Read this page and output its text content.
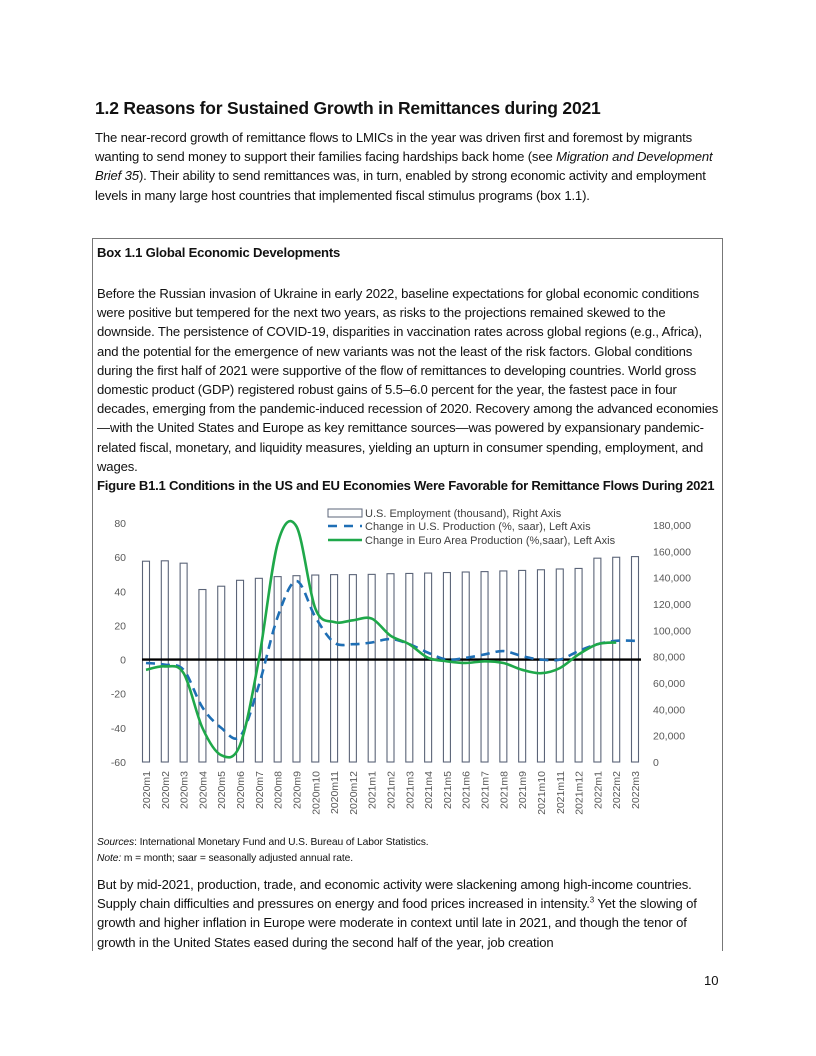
1.2 Reasons for Sustained Growth in Remittances during 2021
The near-record growth of remittance flows to LMICs in the year was driven first and foremost by migrants wanting to send money to support their families facing hardships back home (see Migration and Development Brief 35). Their ability to send remittances was, in turn, enabled by strong economic activity and employment levels in many large host countries that implemented fiscal stimulus programs (box 1.1).
Box 1.1 Global Economic Developments
Before the Russian invasion of Ukraine in early 2022, baseline expectations for global economic conditions were positive but tempered for the next two years, as risks to the projections remained skewed to the downside. The persistence of COVID-19, disparities in vaccination rates across global regions (e.g., Africa), and the potential for the emergence of new variants was not the least of the risk factors. Global conditions during the first half of 2021 were supportive of the flow of remittances to developing countries. World gross domestic product (GDP) registered robust gains of 5.5–6.0 percent for the year, the fastest pace in four decades, emerging from the pandemic-induced recession of 2020. Recovery among the advanced economies—with the United States and Europe as key remittance sources—was powered by expansionary pandemic-related fiscal, monetary, and liquidity measures, yielding an upturn in consumer spending, employment, and wages.
Figure B1.1 Conditions in the US and EU Economies Were Favorable for Remittance Flows During 2021
80
60
40
20
0
-20
-40
-60
180,000
160,000
140,000
120,000
100,000
80,000
60,000
40,000
20,000
0
2020m1 2020m2 2020m3 2020m4 2020m5 2020m6 2020m7 2020m8 2020m9 2020m10 2020m11 2020m12 2021m1 2021m2 2021m3 2021m4 2021m5 2021m6 2021m7 2021m8 2021m9 2021m10 2021m11 2021m12 2022m1 2022m2 2022m3
U.S. Employment (thousand), Right Axis
Change in U.S. Production (%, saar), Left Axis
Change in Euro Area Production (%,saar), Left Axis
Sources: International Monetary Fund and U.S. Bureau of Labor Statistics.
Note: m = month; saar = seasonally adjusted annual rate.
But by mid-2021, production, trade, and economic activity were slackening among high-income countries. Supply chain difficulties and pressures on energy and food prices increased in intensity.$^3$ Yet the slowing of growth and higher inflation in Europe were moderate in context until late in 2021, and though the tenor of growth in the United States eased during the second half of the year, job creation
10
